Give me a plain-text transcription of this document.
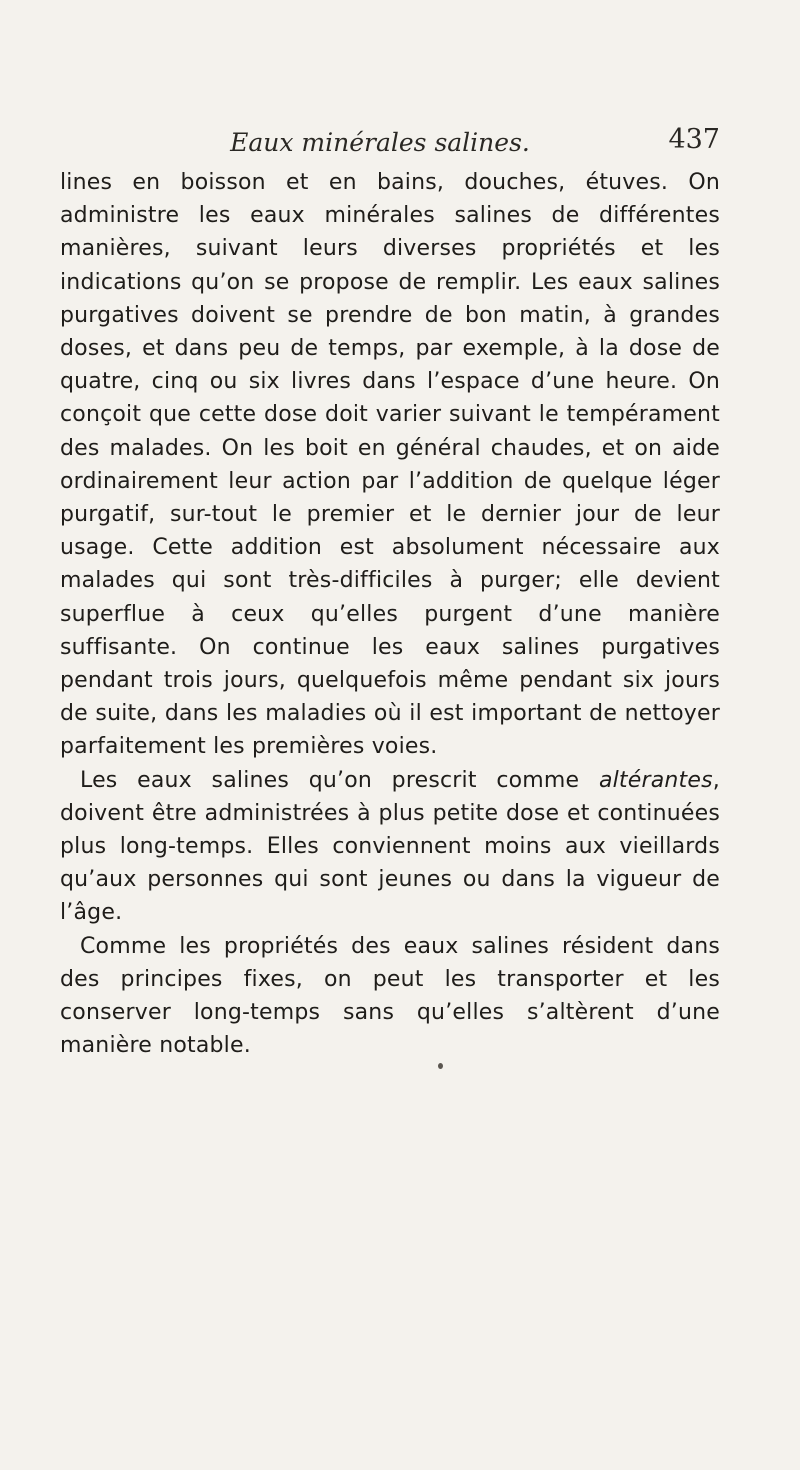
Eaux minérales salines.	437

lines en boisson et en bains, douches, étuves. On administre les eaux minérales salines de différentes manières, suivant leurs diverses propriétés et les indications qu’on se propose de remplir. Les eaux salines purgatives doivent se prendre de bon matin, à grandes doses, et dans peu de temps, par exemple, à la dose de quatre, cinq ou six livres dans l’espace d’une heure. On conçoit que cette dose doit varier suivant le tempérament des malades. On les boit en général chaudes, et on aide ordinairement leur action par l’addition de quelque léger purgatif, sur-tout le premier et le dernier jour de leur usage. Cette addition est absolument nécessaire aux malades qui sont très-difficiles à purger; elle devient superflue à ceux qu’elles purgent d’une manière suffisante. On continue les eaux salines purgatives pendant trois jours, quelquefois même pendant six jours de suite, dans les maladies où il est important de nettoyer parfaitement les premières voies.

Les eaux salines qu’on prescrit comme altérantes, doivent être administrées à plus petite dose et continuées plus long-temps. Elles conviennent moins aux vieillards qu’aux personnes qui sont jeunes ou dans la vigueur de l’âge.

Comme les propriétés des eaux salines résident dans des principes fixes, on peut les transporter et les conserver long-temps sans qu’elles s’altèrent d’une manière notable.
